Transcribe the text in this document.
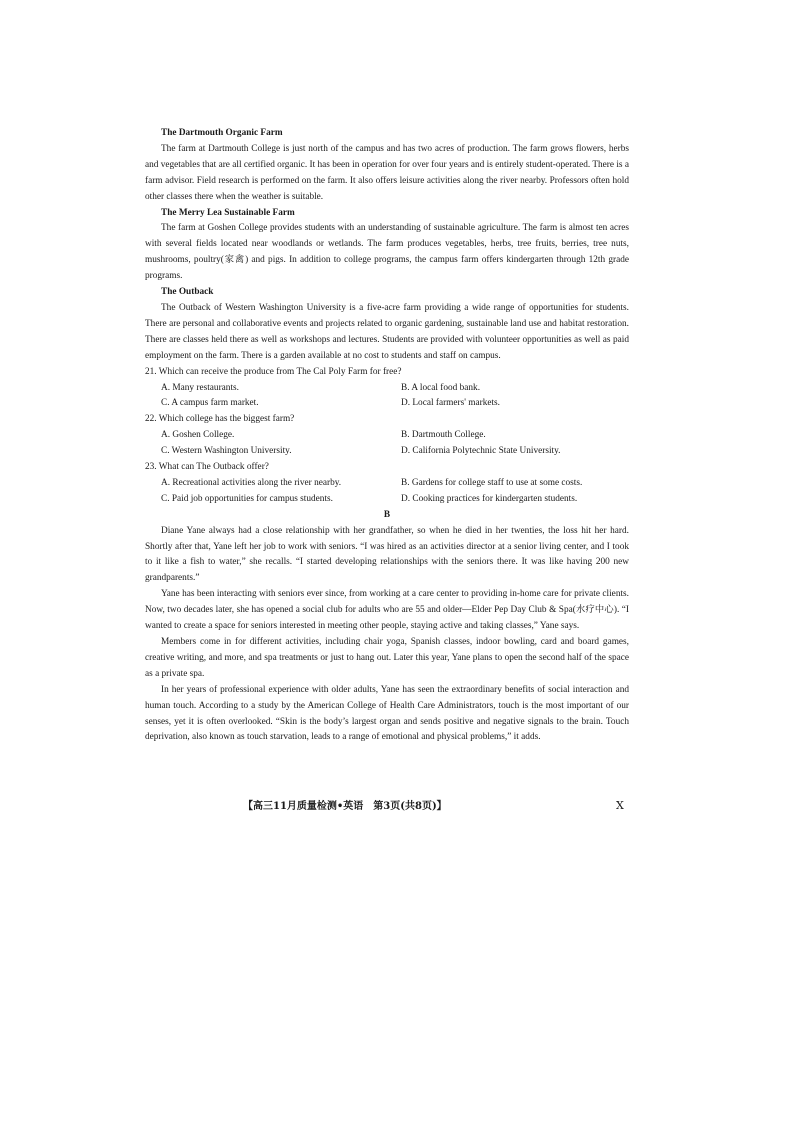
The Dartmouth Organic Farm

The farm at Dartmouth College is just north of the campus and has two acres of production. The farm grows flowers, herbs and vegetables that are all certified organic. It has been in operation for over four years and is entirely student-operated. There is a farm advisor. Field research is performed on the farm. It also offers leisure activities along the river nearby. Professors often hold other classes there when the weather is suitable.

The Merry Lea Sustainable Farm

The farm at Goshen College provides students with an understanding of sustainable agriculture. The farm is almost ten acres with several fields located near woodlands or wetlands. The farm produces vegetables, herbs, tree fruits, berries, tree nuts, mushrooms, poultry(家禽) and pigs. In addition to college programs, the campus farm offers kindergarten through 12th grade programs.

The Outback

The Outback of Western Washington University is a five-acre farm providing a wide range of opportunities for students. There are personal and collaborative events and projects related to organic gardening, sustainable land use and habitat restoration. There are classes held there as well as workshops and lectures. Students are provided with volunteer opportunities as well as paid employment on the farm. There is a garden available at no cost to students and staff on campus.

21. Which can receive the produce from The Cal Poly Farm for free?

A. Many restaurants.	B. A local food bank.
C. A campus farm market.	D. Local farmers' markets.

22. Which college has the biggest farm?

A. Goshen College.	B. Dartmouth College.
C. Western Washington University.	D. California Polytechnic State University.

23. What can The Outback offer?

A. Recreational activities along the river nearby.	B. Gardens for college staff to use at some costs.
C. Paid job opportunities for campus students.	D. Cooking practices for kindergarten students.

B

Diane Yane always had a close relationship with her grandfather, so when he died in her twenties, the loss hit her hard. Shortly after that, Yane left her job to work with seniors. “I was hired as an activities director at a senior living center, and I took to it like a fish to water,” she recalls. “I started developing relationships with the seniors there. It was like having 200 new grandparents.”

Yane has been interacting with seniors ever since, from working at a care center to providing in-home care for private clients. Now, two decades later, she has opened a social club for adults who are 55 and older—Elder Pep Day Club & Spa(水疗中心). “I wanted to create a space for seniors interested in meeting other people, staying active and taking classes,” Yane says.

Members come in for different activities, including chair yoga, Spanish classes, indoor bowling, card and board games, creative writing, and more, and spa treatments or just to hang out. Later this year, Yane plans to open the second half of the space as a private spa.

In her years of professional experience with older adults, Yane has seen the extraordinary benefits of social interaction and human touch. According to a study by the American College of Health Care Administrators, touch is the most important of our senses, yet it is often overlooked. “Skin is the body’s largest organ and sends positive and negative signals to the brain. Touch deprivation, also known as touch starvation, leads to a range of emotional and physical problems,” it adds.

【高三11月质量检测•英语　第3页(共8页)】	X
